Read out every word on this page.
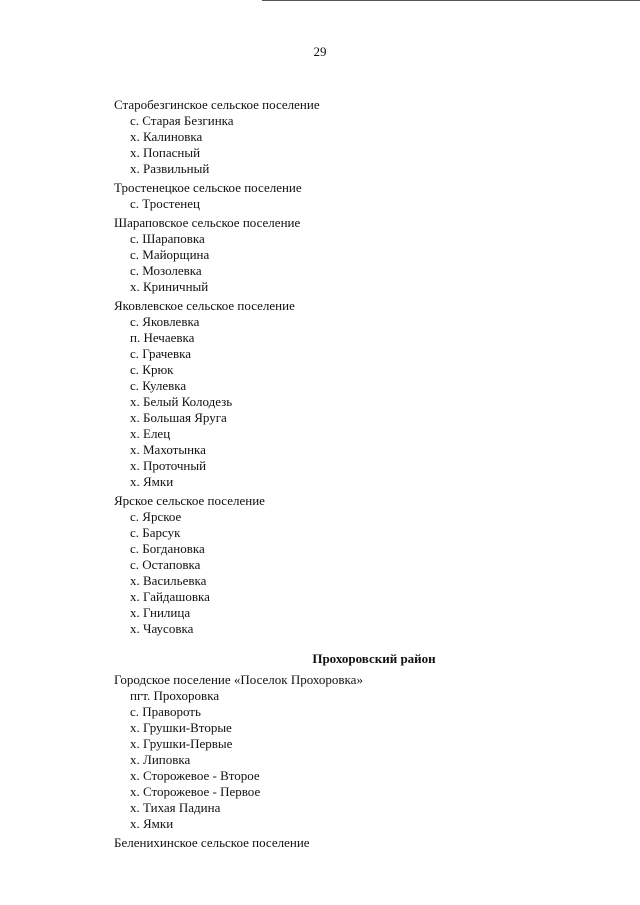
29
Старобезгинское сельское поселение
с. Старая Безгинка
х. Калиновка
х. Попасный
х. Развильный
Тростенецкое сельское поселение
с. Тростенец
Шараповское сельское поселение
с. Шараповка
с. Майорщина
с. Мозолевка
х. Криничный
Яковлевское сельское поселение
с. Яковлевка
п. Нечаевка
с. Грачевка
с. Крюк
с. Кулевка
х. Белый Колодезь
х. Большая Яруга
х. Елец
х. Махотынка
х. Проточный
х. Ямки
Ярское сельское поселение
с. Ярское
с. Барсук
с. Богдановка
с. Остаповка
х. Васильевка
х. Гайдашовка
х. Гнилица
х. Чаусовка
Прохоровский район
Городское поселение «Поселок Прохоровка»
пгт. Прохоровка
с. Правороть
х. Грушки-Вторые
х. Грушки-Первые
х. Липовка
х. Сторожевое - Второе
х. Сторожевое - Первое
х. Тихая Падина
х. Ямки
Беленихинское сельское поселение
